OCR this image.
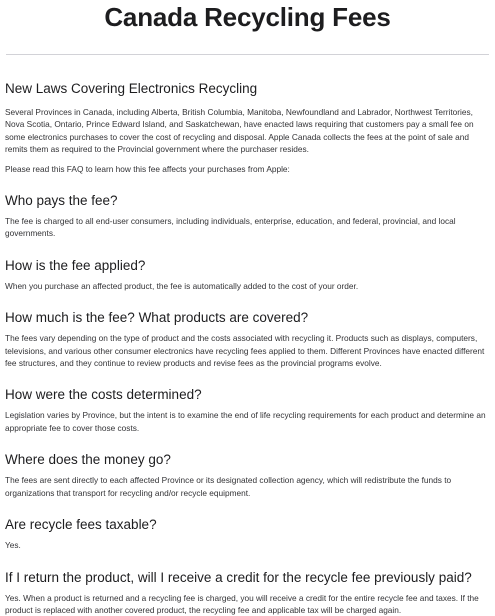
Canada Recycling Fees
New Laws Covering Electronics Recycling

Several Provinces in Canada, including Alberta, British Columbia, Manitoba, Newfoundland and Labrador, Northwest Territories, Nova Scotia, Ontario, Prince Edward Island, and Saskatchewan, have enacted laws requiring that customers pay a small fee on some electronics purchases to cover the cost of recycling and disposal. Apple Canada collects the fees at the point of sale and remits them as required to the Provincial government where the purchaser resides.

Please read this FAQ to learn how this fee affects your purchases from Apple:

Who pays the fee?

The fee is charged to all end-user consumers, including individuals, enterprise, education, and federal, provincial, and local governments.

How is the fee applied?

When you purchase an affected product, the fee is automatically added to the cost of your order.

How much is the fee? What products are covered?

The fees vary depending on the type of product and the costs associated with recycling it. Products such as displays, computers, televisions, and various other consumer electronics have recycling fees applied to them. Different Provinces have enacted different fee structures, and they continue to review products and revise fees as the provincial programs evolve.

How were the costs determined?

Legislation varies by Province, but the intent is to examine the end of life recycling requirements for each product and determine an appropriate fee to cover those costs.

Where does the money go?

The fees are sent directly to each affected Province or its designated collection agency, which will redistribute the funds to organizations that transport for recycling and/or recycle equipment.

Are recycle fees taxable?

Yes.

If I return the product, will I receive a credit for the recycle fee previously paid?

Yes. When a product is returned and a recycling fee is charged, you will receive a credit for the entire recycle fee and taxes. If the product is replaced with another covered product, the recycling fee and applicable tax will be charged again.
